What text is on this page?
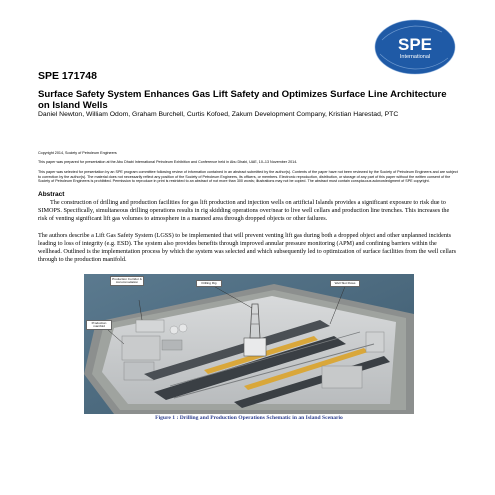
SPE
International
SPE 171748
Surface Safety System Enhances Gas Lift Safety and Optimizes Surface Line Architecture on Island Wells
Daniel Newton, William Odom, Graham Burchell, Curtis Kofoed, Zakum Development Company, Kristian Harestad, PTC
Copyright 2014, Society of Petroleum Engineers
This paper was prepared for presentation at the Abu Dhabi International Petroleum Exhibition and Conference held in Abu Dhabi, UAE, 10–13 November 2014.
This paper was selected for presentation by an SPE program committee following review of information contained in an abstract submitted by the author(s). Contents of the paper have not been reviewed by the Society of Petroleum Engineers and are subject to correction by the author(s). The material does not necessarily reflect any position of the Society of Petroleum Engineers, its officers, or members. Electronic reproduction, distribution, or storage of any part of this paper without the written consent of the Society of Petroleum Engineers is prohibited. Permission to reproduce in print is restricted to an abstract of not more than 300 words; illustrations may not be copied. The abstract must contain conspicuous acknowledgment of SPE copyright.
Abstract
The construction of drilling and production facilities for gas lift production and injection wells on artificial Islands provides a significant exposure to risk due to SIMOPS. Specifically, simultaneous drilling operations results in rig skidding operations over/near to live well cellars and production line trenches. This increases the risk of venting significant lift gas volumes to atmosphere in a manned area through dropped objects or other failures.
The authors describe a Lift Gas Safety System (LGSS) to be implemented that will prevent venting lift gas during both a dropped object and other unplanned incidents leading to loss of integrity (e.g. ESD). The system also provides benefits through improved annular pressure monitoring (APM) and confining barriers within the wellhead. Outlined is the implementation process by which the system was selected and which subsequently led to optimization of surface facilities from the well cellars through to the production manifold.
Production Corridor & Accommodation	Drilling Rig	Well Slot Rows
Production manifold
Figure 1 : Drilling and Production Operations Schematic in an Island Scenario
